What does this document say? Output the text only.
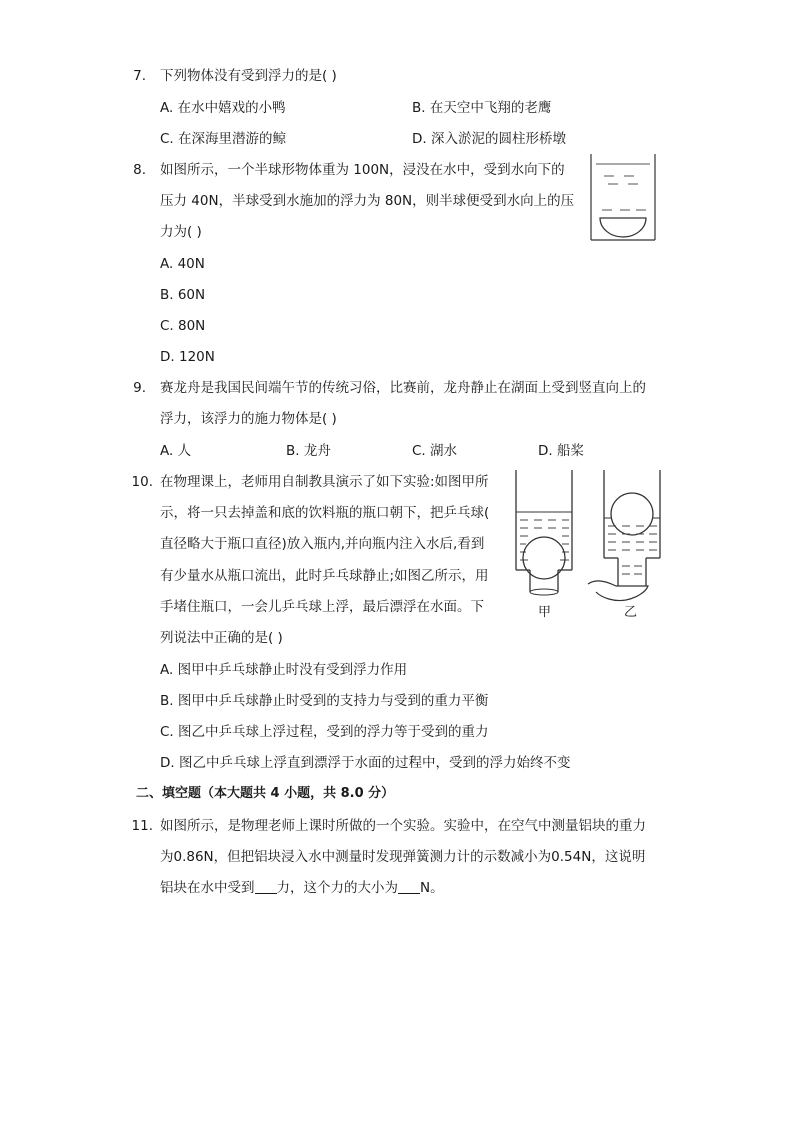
7. 下列物体没有受到浮力的是( )
A. 在水中嬉戏的小鸭	B. 在天空中飞翔的老鹰
C. 在深海里潜游的鲸	D. 深入淤泥的圆柱形桥墩
8. 如图所示，一个半球形物体重为 100N，浸没在水中，受到水向下的
压力 40N，半球受到水施加的浮力为 80N，则半球便受到水向上的压
力为( )
A. 40N
B. 60N
C. 80N
D. 120N
9. 赛龙舟是我国民间端午节的传统习俗，比赛前，龙舟静止在湖面上受到竖直向上的
浮力，该浮力的施力物体是( )
A. 人	B. 龙舟	C. 湖水	D. 船桨
10. 在物理课上，老师用自制教具演示了如下实验:如图甲所
示，将一只去掉盖和底的饮料瓶的瓶口朝下，把乒乓球(
直径略大于瓶口直径)放入瓶内,并向瓶内注入水后,看到
有少量水从瓶口流出，此时乒乓球静止;如图乙所示，用
手堵住瓶口，一会儿乒乓球上浮，最后漂浮在水面。下
列说法中正确的是( )
甲	乙
A. 图甲中乒乓球静止时没有受到浮力作用
B. 图甲中乒乓球静止时受到的支持力与受到的重力平衡
C. 图乙中乒乓球上浮过程，受到的浮力等于受到的重力
D. 图乙中乒乓球上浮直到漂浮于水面的过程中，受到的浮力始终不变
二、填空题（本大题共 4 小题，共 8.0 分）
11. 如图所示，是物理老师上课时所做的一个实验。实验中，在空气中测量铝块的重力
为0.86N，但把铝块浸入水中测量时发现弹簧测力计的示数减小为0.54N，这说明
铝块在水中受到 力，这个力的大小为 N。
